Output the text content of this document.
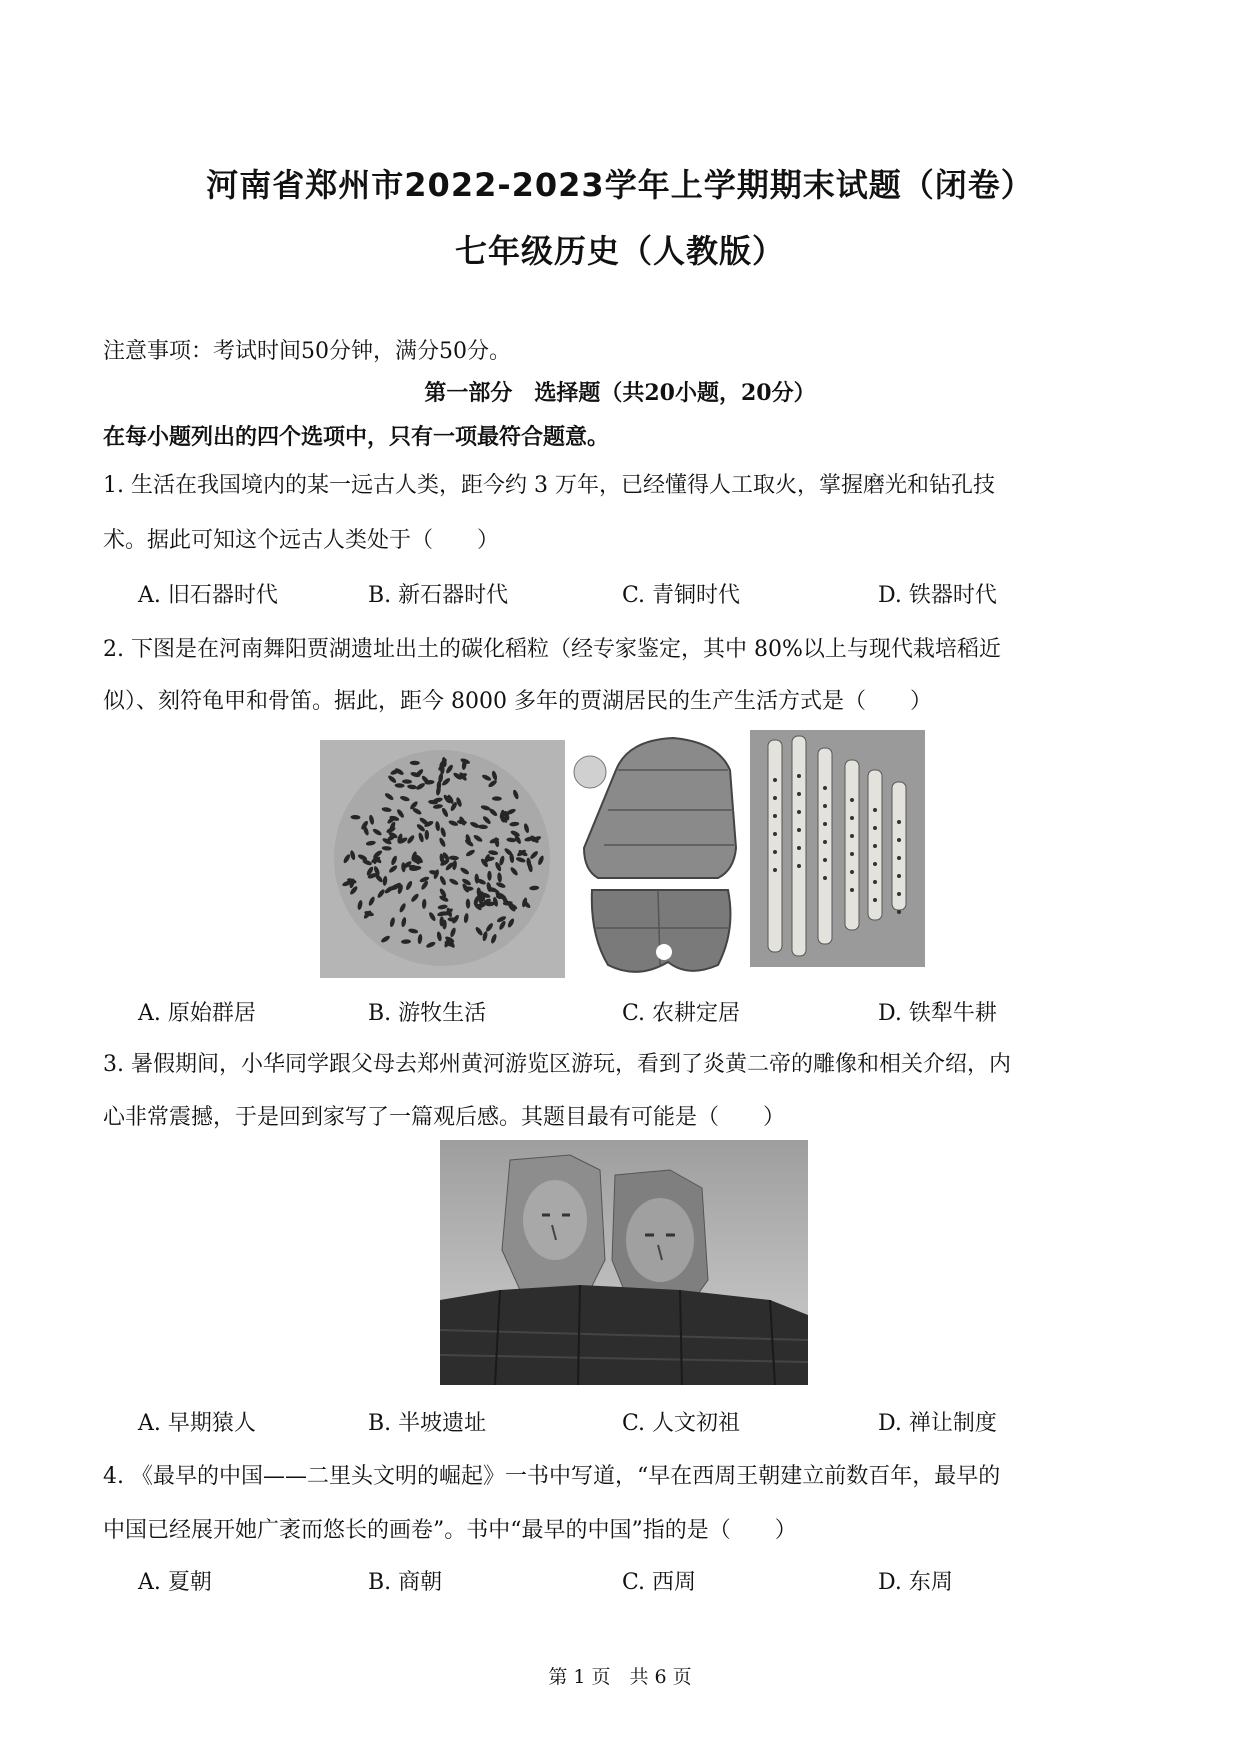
河南省郑州市2022-2023学年上学期期末试题（闭卷）
七年级历史（人教版）
注意事项：考试时间50分钟，满分50分。
第一部分　选择题（共20小题，20分）
在每小题列出的四个选项中，只有一项最符合题意。
1. 生活在我国境内的某一远古人类，距今约 3 万年，已经懂得人工取火，掌握磨光和钻孔技
术。据此可知这个远古人类处于（　　）
A. 旧石器时代	B. 新石器时代	C. 青铜时代	D. 铁器时代
2. 下图是在河南舞阳贾湖遗址出土的碳化稻粒（经专家鉴定，其中 80%以上与现代栽培稻近
似）、刻符龟甲和骨笛。据此，距今 8000 多年的贾湖居民的生产生活方式是（　　）
A. 原始群居	B. 游牧生活	C. 农耕定居	D. 铁犁牛耕
3. 暑假期间，小华同学跟父母去郑州黄河游览区游玩，看到了炎黄二帝的雕像和相关介绍，内
心非常震撼，于是回到家写了一篇观后感。其题目最有可能是（　　）
A. 早期猿人	B. 半坡遗址	C. 人文初祖	D. 禅让制度
4. 《最早的中国——二里头文明的崛起》一书中写道，“早在西周王朝建立前数百年，最早的
中国已经展开她广袤而悠长的画卷”。书中“最早的中国”指的是（　　）
A. 夏朝	B. 商朝	C. 西周	D. 东周
第 1 页　共 6 页
